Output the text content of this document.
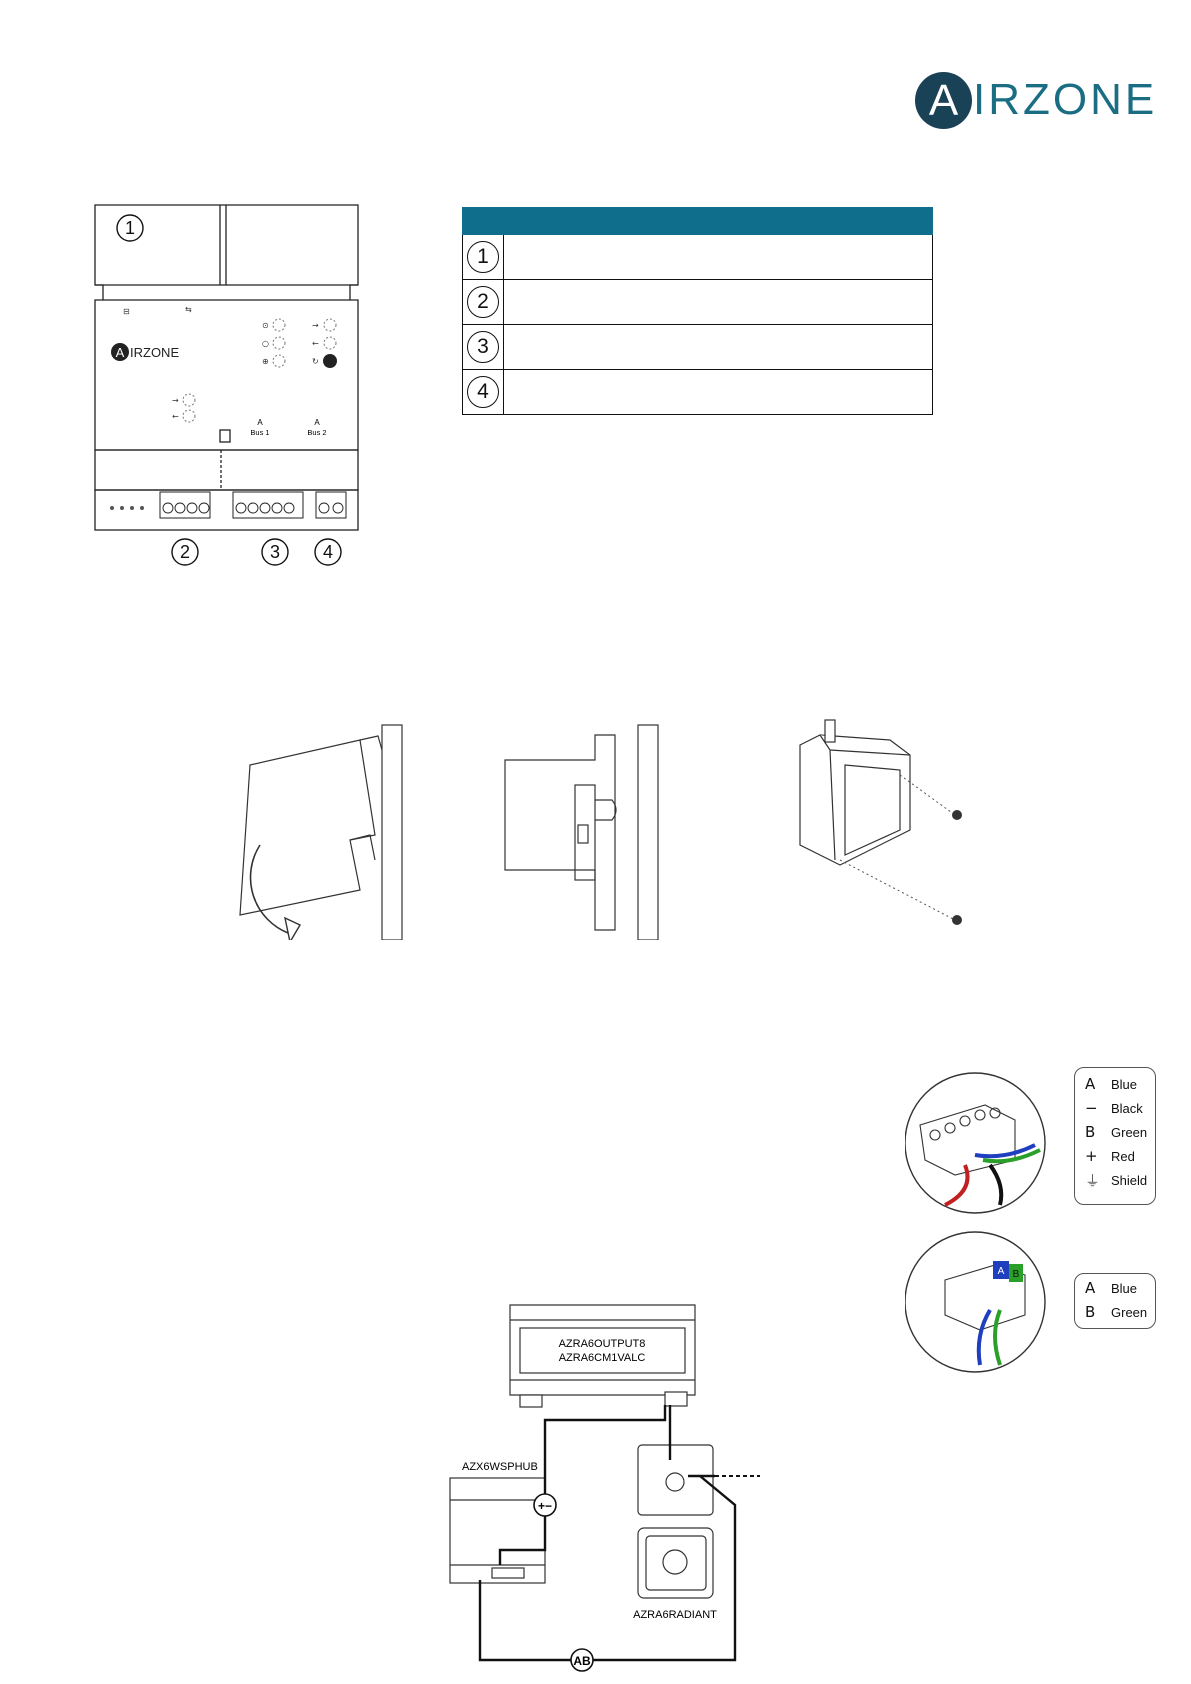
A IRZONE
⊙
○
⊕
→
←
↻
→
←
⊟	⇆
A IRZONE
A	A
Bus 1	Bus 2
1
2	3 4

1	
2	
3	
4	
A B
A	Blue
−	Black
B	Green
+	Red
⏚ Shield
A	Blue
B	Green
AZRA6OUTPUT8
AZRA6CM1VALC
AZX6WSPHUB
AZRA6RADIANT
+−
AB
